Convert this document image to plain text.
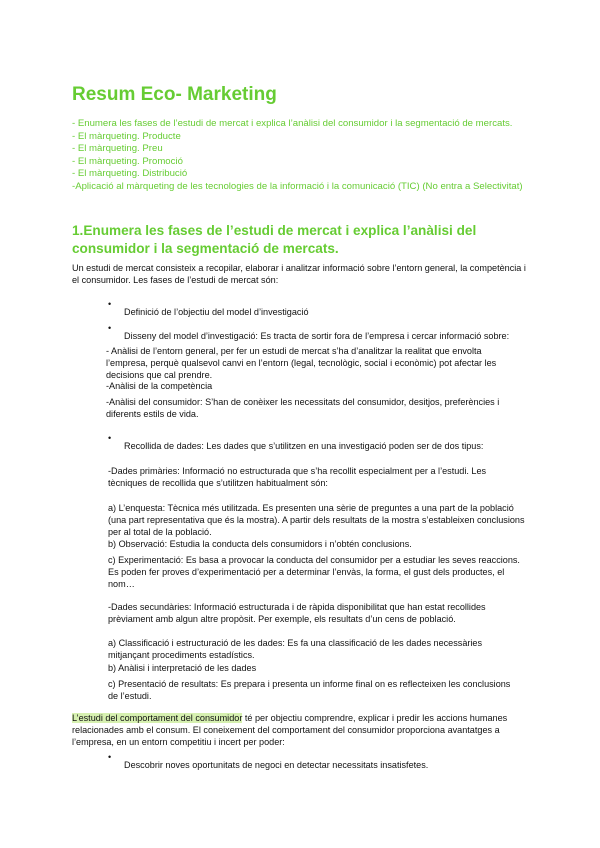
Resum Eco- Marketing
- Enumera les fases de l’estudi de mercat i explica l’anàlisi del consumidor i la segmentació de mercats.
- El màrqueting. Producte
- El màrqueting. Preu
- El màrqueting. Promoció
- El màrqueting. Distribució
-Aplicació al màrqueting de les tecnologies de la informació i la comunicació (TIC) (No entra a Selectivitat)
1.Enumera les fases de l’estudi de mercat i explica l’anàlisi del consumidor i la segmentació de mercats.

Un estudi de mercat consisteix a recopilar, elaborar i analitzar informació sobre l’entorn general, la competència i el consumidor. Les fases de l’estudi de mercat són:

•

Definició de l’objectiu del model d’investigació

•

Disseny del model d’investigació: Es tracta de sortir fora de l’empresa i cercar informació sobre:

- Anàlisi de l’entorn general, per fer un estudi de mercat s’ha d’analitzar la realitat que envolta l’empresa, perquè qualsevol canvi en l’entorn (legal, tecnològic, social i econòmic) pot afectar les decisions que cal prendre.

-Anàlisi de la competència

-Anàlisi del consumidor: S’han de conèixer les necessitats del consumidor, desitjos, preferències i diferents estils de vida.

•

Recollida de dades: Les dades que s’utilitzen en una investigació poden ser de dos tipus:

-Dades primàries: Informació no estructurada que s’ha recollit especialment per a l’estudi. Les tècniques de recollida que s’utilitzen habitualment són:

a) L’enquesta: Tècnica més utilitzada. Es presenten una sèrie de preguntes a una part de la població (una part representativa que és la mostra). A partir dels resultats de la mostra s’estableixen conclusions per al total de la població.

b) Observació: Estudia la conducta dels consumidors i n’obtén conclusions.

c) Experimentació: Es basa a provocar la conducta del consumidor per a estudiar les seves reaccions. Es poden fer proves d’experimentació per a determinar l’envàs, la forma, el gust dels productes, el nom…

-Dades secundàries: Informació estructurada i de ràpida disponibilitat que han estat recollides prèviament amb algun altre propòsit. Per exemple, els resultats d’un cens de població.

a) Classificació i estructuració de les dades: Es fa una classificació de les dades necessàries mitjançant procediments estadístics.

b) Anàlisi i interpretació de les dades

c) Presentació de resultats: Es prepara i presenta un informe final on es reflecteixen les conclusions de l’estudi.

L’estudi del comportament del consumidor té per objectiu comprendre, explicar i predir les accions humanes relacionades amb el consum. El coneixement del comportament del consumidor proporciona avantatges a l’empresa, en un entorn competitiu i incert per poder:

•

Descobrir noves oportunitats de negoci en detectar necessitats insatisfetes.
